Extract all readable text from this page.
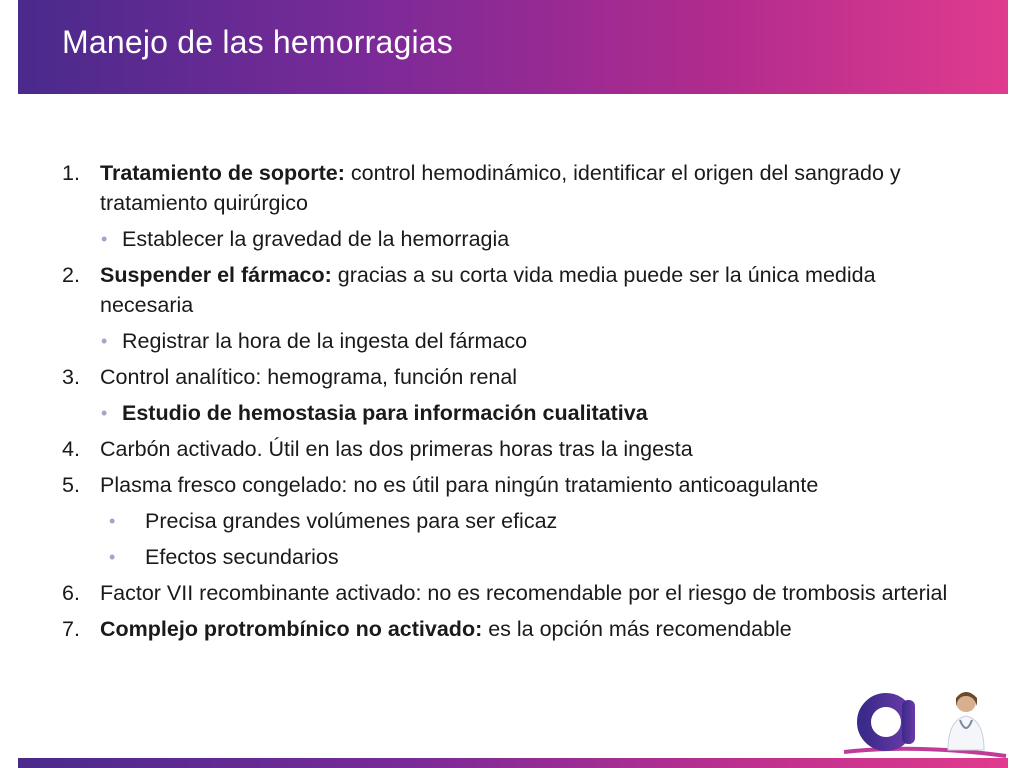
Manejo de las hemorragias
1. Tratamiento de soporte: control hemodinámico, identificar el origen del sangrado y tratamiento quirúrgico
• Establecer la gravedad de la hemorragia
2. Suspender el fármaco: gracias a su corta vida media puede ser la única medida necesaria
• Registrar la hora de la ingesta del fármaco
3. Control analítico: hemograma, función renal
• Estudio de hemostasia para información cualitativa
4. Carbón activado. Útil en las dos primeras horas tras la ingesta
5. Plasma fresco congelado: no es útil para ningún tratamiento anticoagulante
• Precisa grandes volúmenes para ser eficaz
• Efectos secundarios
6. Factor VII recombinante activado: no es recomendable por el riesgo de trombosis arterial
7. Complejo protrombínico no activado: es la opción más recomendable
